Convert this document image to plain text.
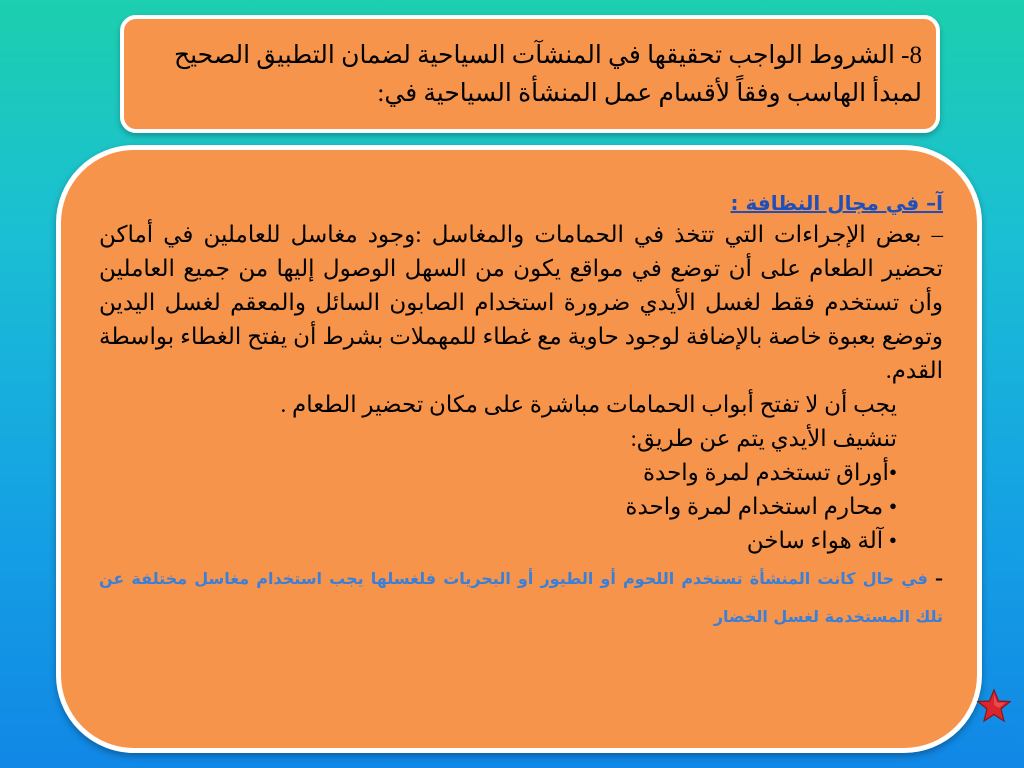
8- الشروط الواجب تحقيقها في المنشآت السياحية لضمان التطبيق الصحيح لمبدأ الهاسب وفقاً لأقسام عمل المنشأة السياحية في:
آ– في مجال النظافة :

– بعض الإجراءات التي تتخذ في الحمامات والمغاسل :وجود مغاسل للعاملين في أماكن تحضير الطعام على أن توضع في مواقع يكون من السهل الوصول إليها من جميع العاملين وأن تستخدم فقط لغسل الأيدي ضرورة استخدام الصابون السائل والمعقم لغسل اليدين وتوضع بعبوة خاصة بالإضافة لوجود حاوية مع غطاء للمهملات بشرط أن يفتح الغطاء بواسطة القدم.

يجب أن لا تفتح أبواب الحمامات مباشرة على مكان تحضير الطعام .

تنشيف الأيدي يتم عن طريق:

•أوراق تستخدم لمرة واحدة

• محارم استخدام لمرة واحدة

• آلة هواء ساخن

– في حال كانت المنشأة تستخدم اللحوم أو الطيور أو البحريات فلغسلها يجب استخدام مغاسل مختلفة عن تلك المستخدمة لغسل الخضار
